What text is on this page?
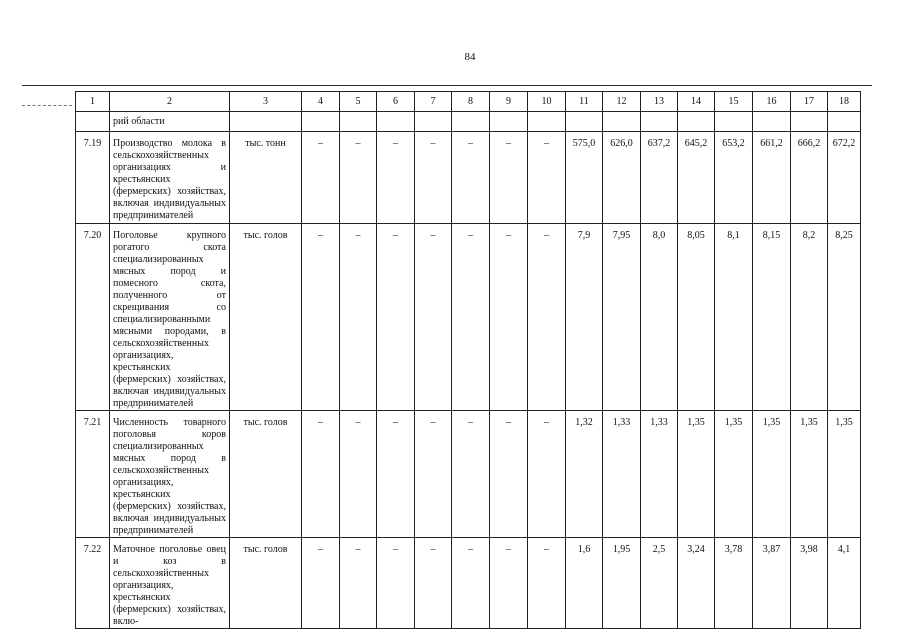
84
1	2	3	4	5	6	7	8	9	10	11	12	13	14	15	16	17	18
	рий области																
7.19	Производство молока в сельскохозяйственных организациях и крестьянских (фермерских) хозяйствах, включая индивидуальных предпринимателей	тыс. тонн	–	–	–	–	–	–	–	575,0	626,0	637,2	645,2	653,2	661,2	666,2	672,2
7.20	Поголовье крупного рогатого скота специализированных мясных пород и помесного скота, полученного от скрещивания со специализированными мясными породами, в сельскохозяйственных организациях, крестьянских (фермерских) хозяйствах, включая индивидуальных предпринимателей	тыс. голов	–	–	–	–	–	–	–	7,9	7,95	8,0	8,05	8,1	8,15	8,2	8,25
7.21	Численность товарного поголовья коров специализированных мясных пород в сельскохозяйственных организациях, крестьянских (фермерских) хозяйствах, включая индивидуальных предпринимателей	тыс. голов	–	–	–	–	–	–	–	1,32	1,33	1,33	1,35	1,35	1,35	1,35	1,35
7.22	Маточное поголовье овец и коз в сельскохозяйственных организациях, крестьянских (фермерских) хозяйствах, вклю-	тыс. голов	–	–	–	–	–	–	–	1,6	1,95	2,5	3,24	3,78	3,87	3,98	4,1
